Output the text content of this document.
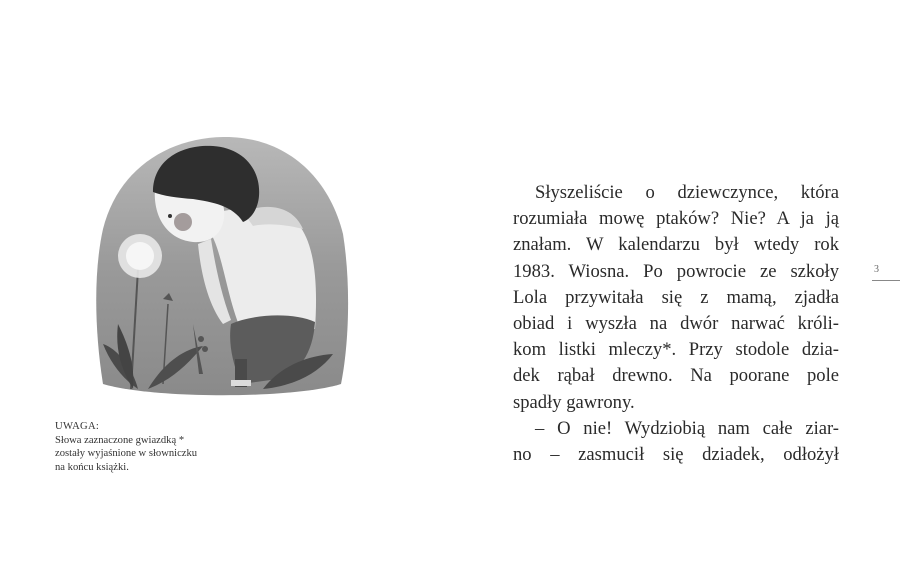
UWAGA:
Słowa zaznaczone gwiazdką *
zostały wyjaśnione w słowniczku
na końcu książki.
Słyszeliście o dziewczynce, która
rozumiała mowę ptaków? Nie? A ja ją
znałam. W kalendarzu był wtedy rok
1983. Wiosna. Po powrocie ze szkoły
Lola przywitała się z mamą, zjadła
obiad i wyszła na dwór narwać króli-
kom listki mleczy*. Przy stodole dzia-
dek rąbał drewno. Na poorane pole
spadły gawrony.
– O nie! Wydziobią nam całe ziar-
no – zasmucił się dziadek, odłożył
3
